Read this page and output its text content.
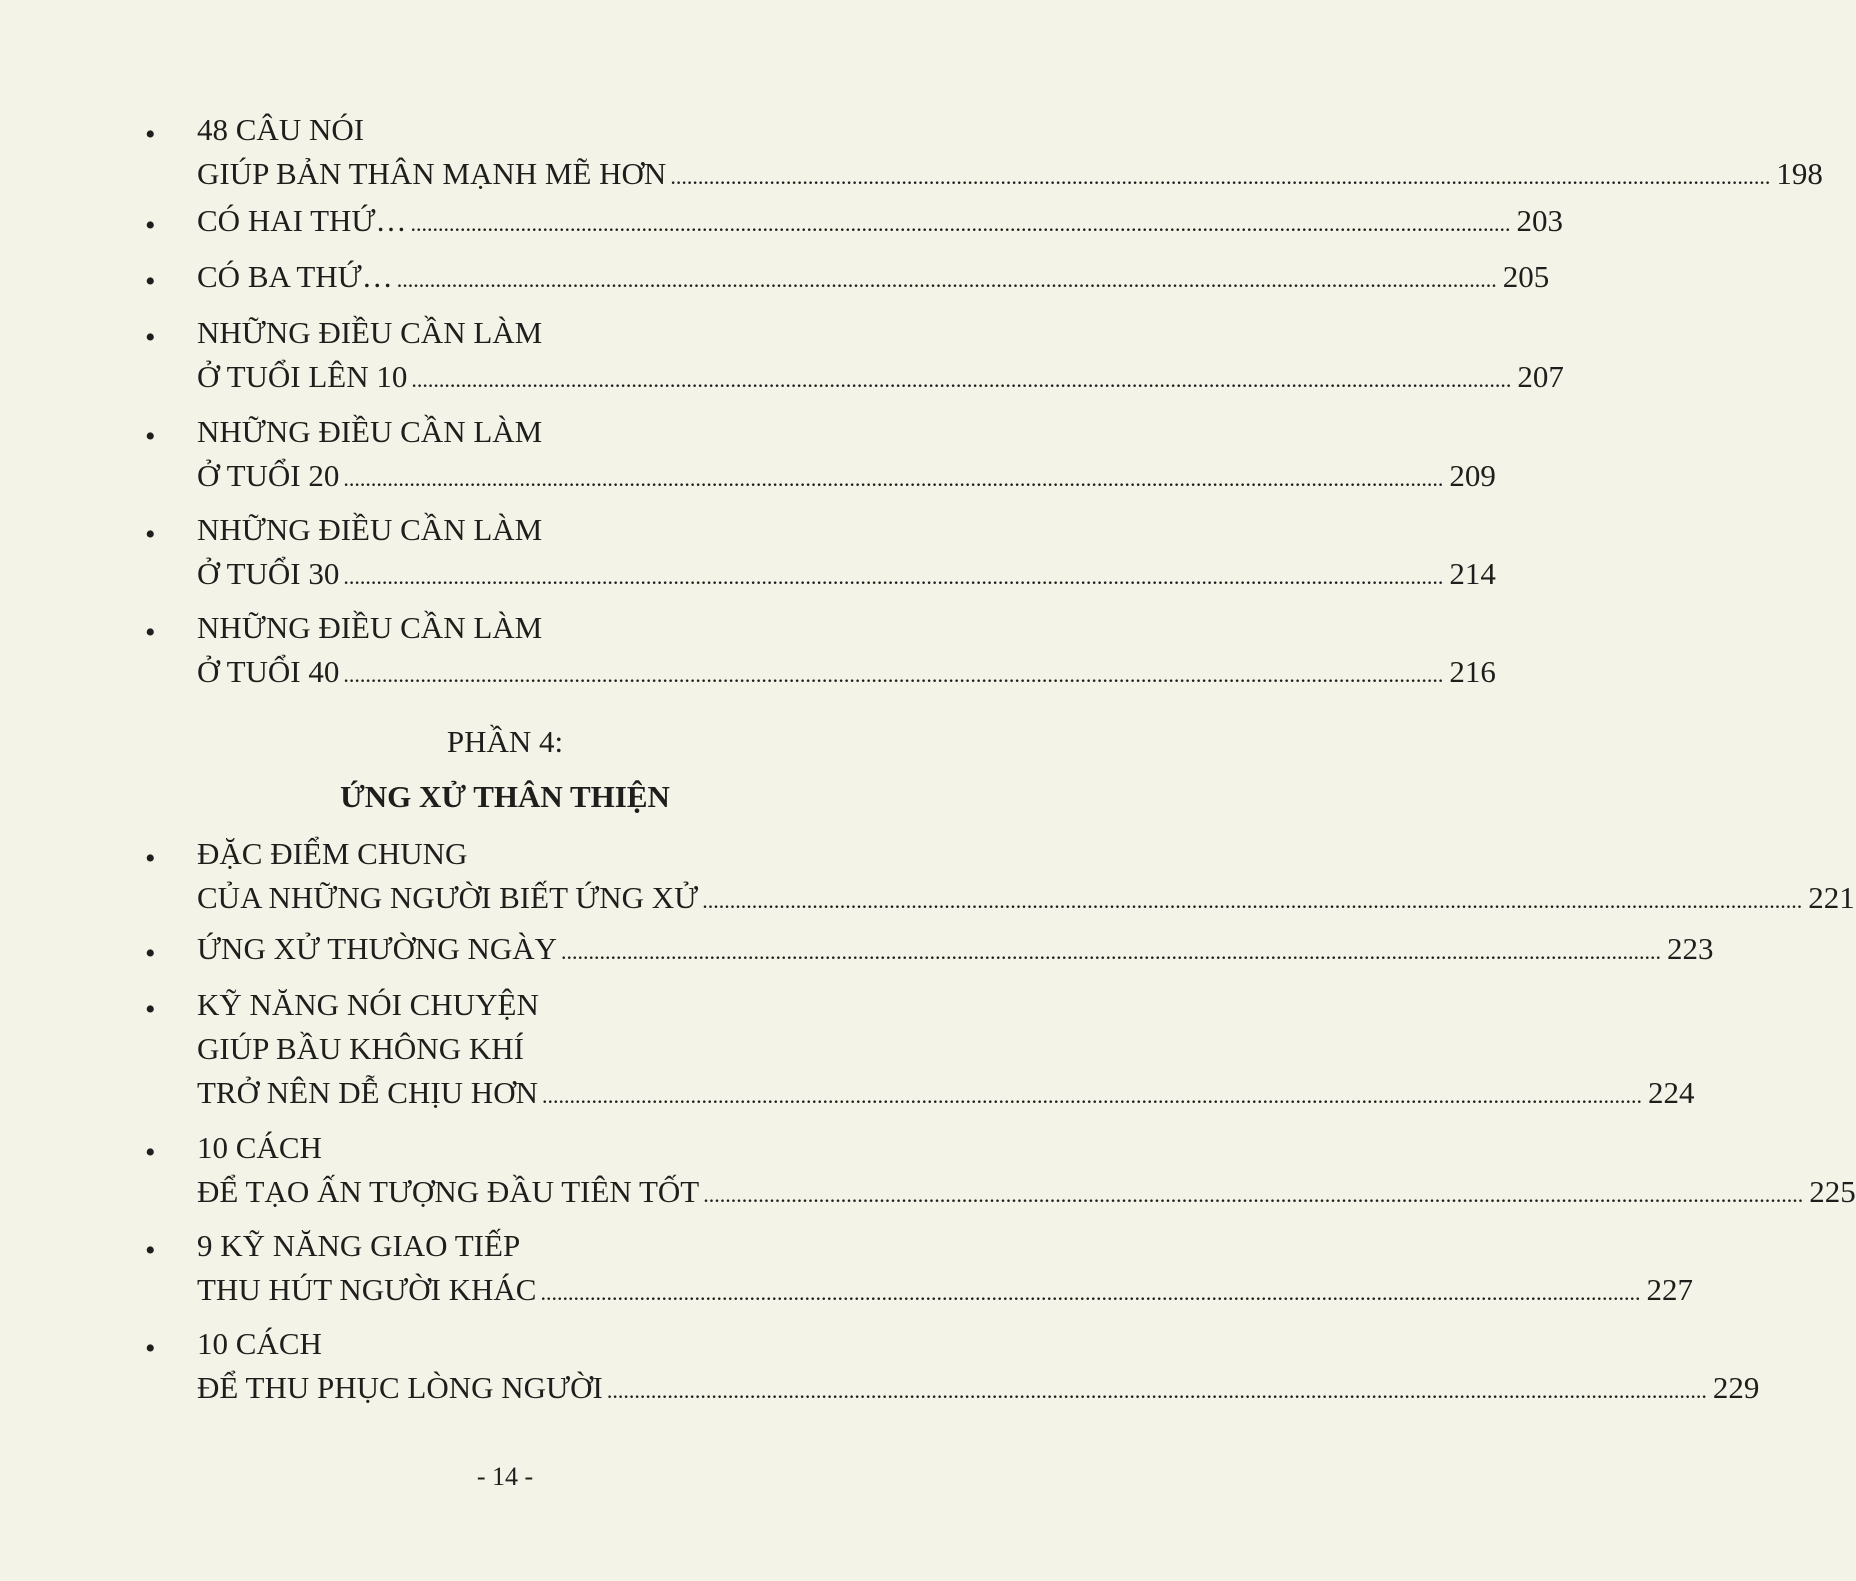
• 48 CÂU NÓI
GIÚP BẢN THÂN MẠNH MẼ HƠN ........................................................................................................................................................................................................ 198
• CÓ HAI THỨ… ........................................................................................................................................................................................................ 203
• CÓ BA THỨ… ........................................................................................................................................................................................................ 205
• NHỮNG ĐIỀU CẦN LÀM
Ở TUỔI LÊN 10 ........................................................................................................................................................................................................ 207
• NHỮNG ĐIỀU CẦN LÀM
Ở TUỔI 20 ........................................................................................................................................................................................................ 209
• NHỮNG ĐIỀU CẦN LÀM
Ở TUỔI 30 ........................................................................................................................................................................................................ 214
• NHỮNG ĐIỀU CẦN LÀM
Ở TUỔI 40 ........................................................................................................................................................................................................ 216
PHẦN 4:
ỨNG XỬ THÂN THIỆN
• ĐẶC ĐIỂM CHUNG
CỦA NHỮNG NGƯỜI BIẾT ỨNG XỬ ........................................................................................................................................................................................................ 221
• ỨNG XỬ THƯỜNG NGÀY ........................................................................................................................................................................................................ 223
• KỸ NĂNG NÓI CHUYỆN
GIÚP BẦU KHÔNG KHÍ
TRỞ NÊN DỄ CHỊU HƠN ........................................................................................................................................................................................................ 224
• 10 CÁCH
ĐỂ TẠO ẤN TƯỢNG ĐẦU TIÊN TỐT ........................................................................................................................................................................................................ 225
• 9 KỸ NĂNG GIAO TIẾP
THU HÚT NGƯỜI KHÁC ........................................................................................................................................................................................................ 227
• 10 CÁCH
ĐỂ THU PHỤC LÒNG NGƯỜI ........................................................................................................................................................................................................ 229
- 14 -
